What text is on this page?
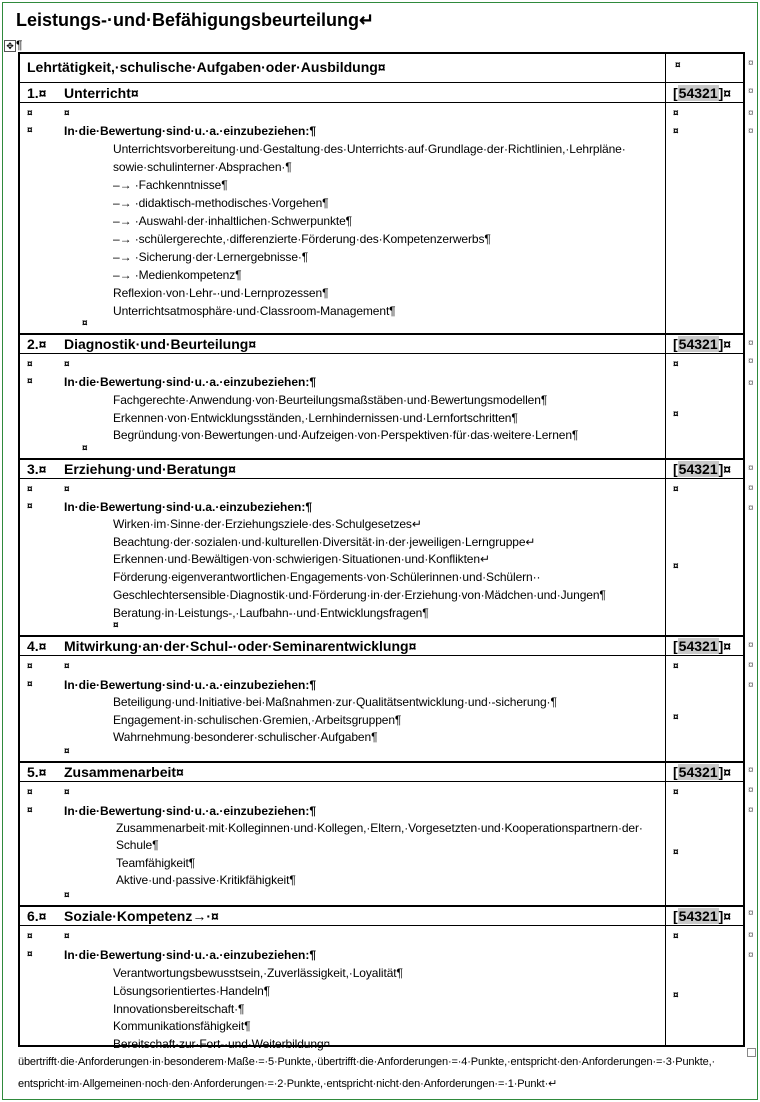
Leistungs-·und·Befähigungsbeurteilung↵
✥ ¶
Lehrtätigkeit,·schulische·Aufgaben·oder·Ausbildung¤	¤
1.¤ Unterricht¤	[54321]¤
¤	¤	¤
¤	In·die·Bewertung·sind·u.·a.·einzubeziehen:¶
Unterrichtsvorbereitung·und·Gestaltung·des·Unterrichts·auf·Grundlage·der·Richtlinien,·Lehrpläne·
sowie·schulinterner·Absprachen·¶
–→ ·Fachkenntnisse¶
–→ ·didaktisch-methodisches·Vorgehen¶
–→ ·Auswahl·der·inhaltlichen·Schwerpunkte¶
–→ ·schülergerechte,·differenzierte·Förderung·des·Kompetenzerwerbs¶
–→ ·Sicherung·der·Lernergebnisse·¶
–→ ·Medienkompetenz¶
Reflexion·von·Lehr-·und·Lernprozessen¶
Unterrichtsatmosphäre·und·Classroom-Management¶
¤
¤
2.¤ Diagnostik·und·Beurteilung¤	[54321]¤
¤	¤	¤
¤	In·die·Bewertung·sind·u.·a.·einzubeziehen:¶
Fachgerechte·Anwendung·von·Beurteilungsmaßstäben·und·Bewertungsmodellen¶
Erkennen·von·Entwicklungsständen,·Lernhindernissen·und·Lernfortschritten¶
Begründung·von·Bewertungen·und·Aufzeigen·von·Perspektiven·für·das·weitere·Lernen¶
¤
¤
3.¤ Erziehung·und·Beratung¤	[54321]¤
¤	¤	¤
¤	In·die·Bewertung·sind·u.a.·einzubeziehen:¶
Wirken·im·Sinne·der·Erziehungsziele·des·Schulgesetzes↵
Beachtung·der·sozialen·und·kulturellen·Diversität·in·der·jeweiligen·Lerngruppe↵
Erkennen·und·Bewältigen·von·schwierigen·Situationen·und·Konflikten↵
Förderung·eigenverantwortlichen·Engagements·von·Schülerinnen·und·Schülern··
Geschlechtersensible·Diagnostik·und·Förderung·in·der·Erziehung·von·Mädchen·und·Jungen¶
Beratung·in·Leistungs-,·Laufbahn-·und·Entwicklungsfragen¶
¤
¤
4.¤ Mitwirkung·an·der·Schul-·oder·Seminarentwicklung¤	[54321]¤
¤	¤	¤
¤	In·die·Bewertung·sind·u.·a.·einzubeziehen:¶
Beteiligung·und·Initiative·bei·Maßnahmen·zur·Qualitätsentwicklung·und·-sicherung·¶
Engagement·in·schulischen·Gremien,·Arbeitsgruppen¶
Wahrnehmung·besonderer·schulischer·Aufgaben¶
¤
¤
5.¤ Zusammenarbeit¤	[54321]¤
¤	¤	¤
¤	In·die·Bewertung·sind·u.·a.·einzubeziehen:¶
Zusammenarbeit·mit·Kolleginnen·und·Kollegen,·Eltern,·Vorgesetzten·und·Kooperationspartnern·der·
Schule¶
Teamfähigkeit¶
Aktive·und·passive·Kritikfähigkeit¶
¤
¤
6.¤ Soziale·Kompetenz→·¤	[54321]¤
¤	¤	¤
¤	In·die·Bewertung·sind·u.·a.·einzubeziehen:¶
Verantwortungsbewusstsein,·Zuverlässigkeit,·Loyalität¶
Lösungsorientiertes·Handeln¶
Innovationsbereitschaft·¶
Kommunikationsfähigkeit¶
Bereitschaft·zur·Fort-·und·Weiterbildung¤
¤
übertrifft·die·Anforderungen·in·besonderem·Maße·=·5·Punkte,·übertrifft·die·Anforderungen·=·4·Punkte,·entspricht·den·Anforderungen·=·3·Punkte,·
entspricht·im·Allgemeinen·noch·den·Anforderungen·=·2·Punkte,·entspricht·nicht·den·Anforderungen·=·1·Punkt·↵
¤
¤
¤
¤
¤
¤
¤
¤
¤
¤
¤
¤
¤
¤
¤
¤
¤
¤
¤
